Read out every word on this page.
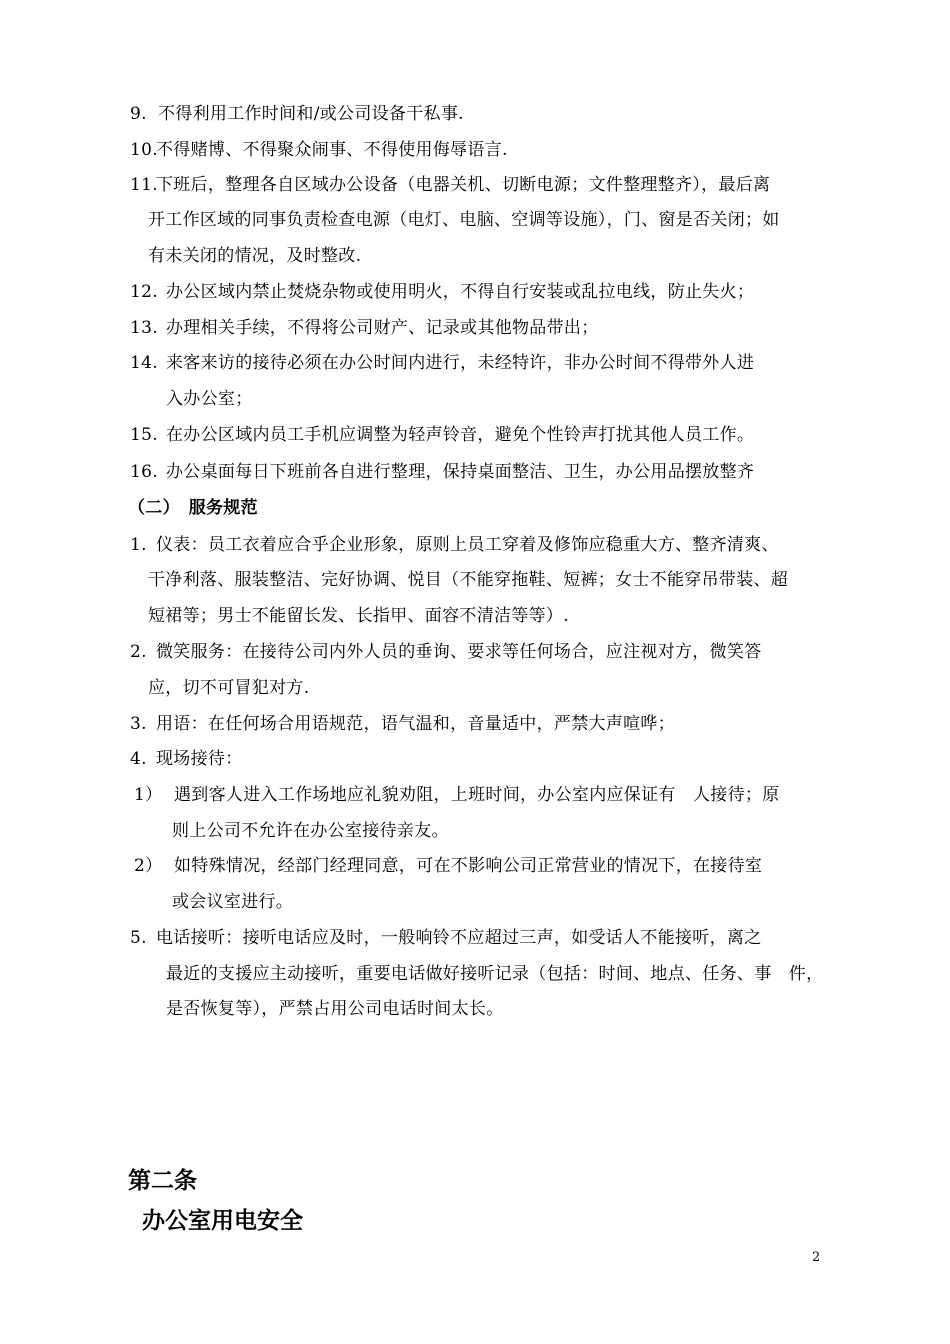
9. 不得利用工作时间和/或公司设备干私事.
10.不得赌博、不得聚众闹事、不得使用侮辱语言.
11.下班后，整理各自区域办公设备（电器关机、切断电源；文件整理整齐），最后离
开工作区域的同事负责检查电源（电灯、电脑、空调等设施），门、窗是否关闭；如
有未关闭的情况，及时整改.
12. 办公区域内禁止焚烧杂物或使用明火，不得自行安装或乱拉电线，防止失火；
13. 办理相关手续，不得将公司财产、记录或其他物品带出；
14. 来客来访的接待必须在办公时间内进行，未经特许，非办公时间不得带外人进
入办公室；
15. 在办公区域内员工手机应调整为轻声铃音，避免个性铃声打扰其他人员工作。
16. 办公桌面每日下班前各自进行整理，保持桌面整洁、卫生，办公用品摆放整齐
（二）　服务规范
1. 仪表：员工衣着应合乎企业形象，原则上员工穿着及修饰应稳重大方、整齐清爽、
干净利落、服装整洁、完好协调、悦目（不能穿拖鞋、短裤；女士不能穿吊带装、超
短裙等；男士不能留长发、长指甲、面容不清洁等等）.
2. 微笑服务：在接待公司内外人员的垂询、要求等任何场合，应注视对方，微笑答
应，切不可冒犯对方.
3. 用语：在任何场合用语规范，语气温和，音量适中，严禁大声喧哗；
4. 现场接待：
1） 遇到客人进入工作场地应礼貌劝阻，上班时间，办公室内应保证有　人接待；原
则上公司不允许在办公室接待亲友。
2） 如特殊情况，经部门经理同意，可在不影响公司正常营业的情况下，在接待室
或会议室进行。
5. 电话接听：接听电话应及时，一般响铃不应超过三声，如受话人不能接听，离之
最近的支援应主动接听，重要电话做好接听记录（包括：时间、地点、任务、事　件，
是否恢复等），严禁占用公司电话时间太长。
第二条
办公室用电安全
2
